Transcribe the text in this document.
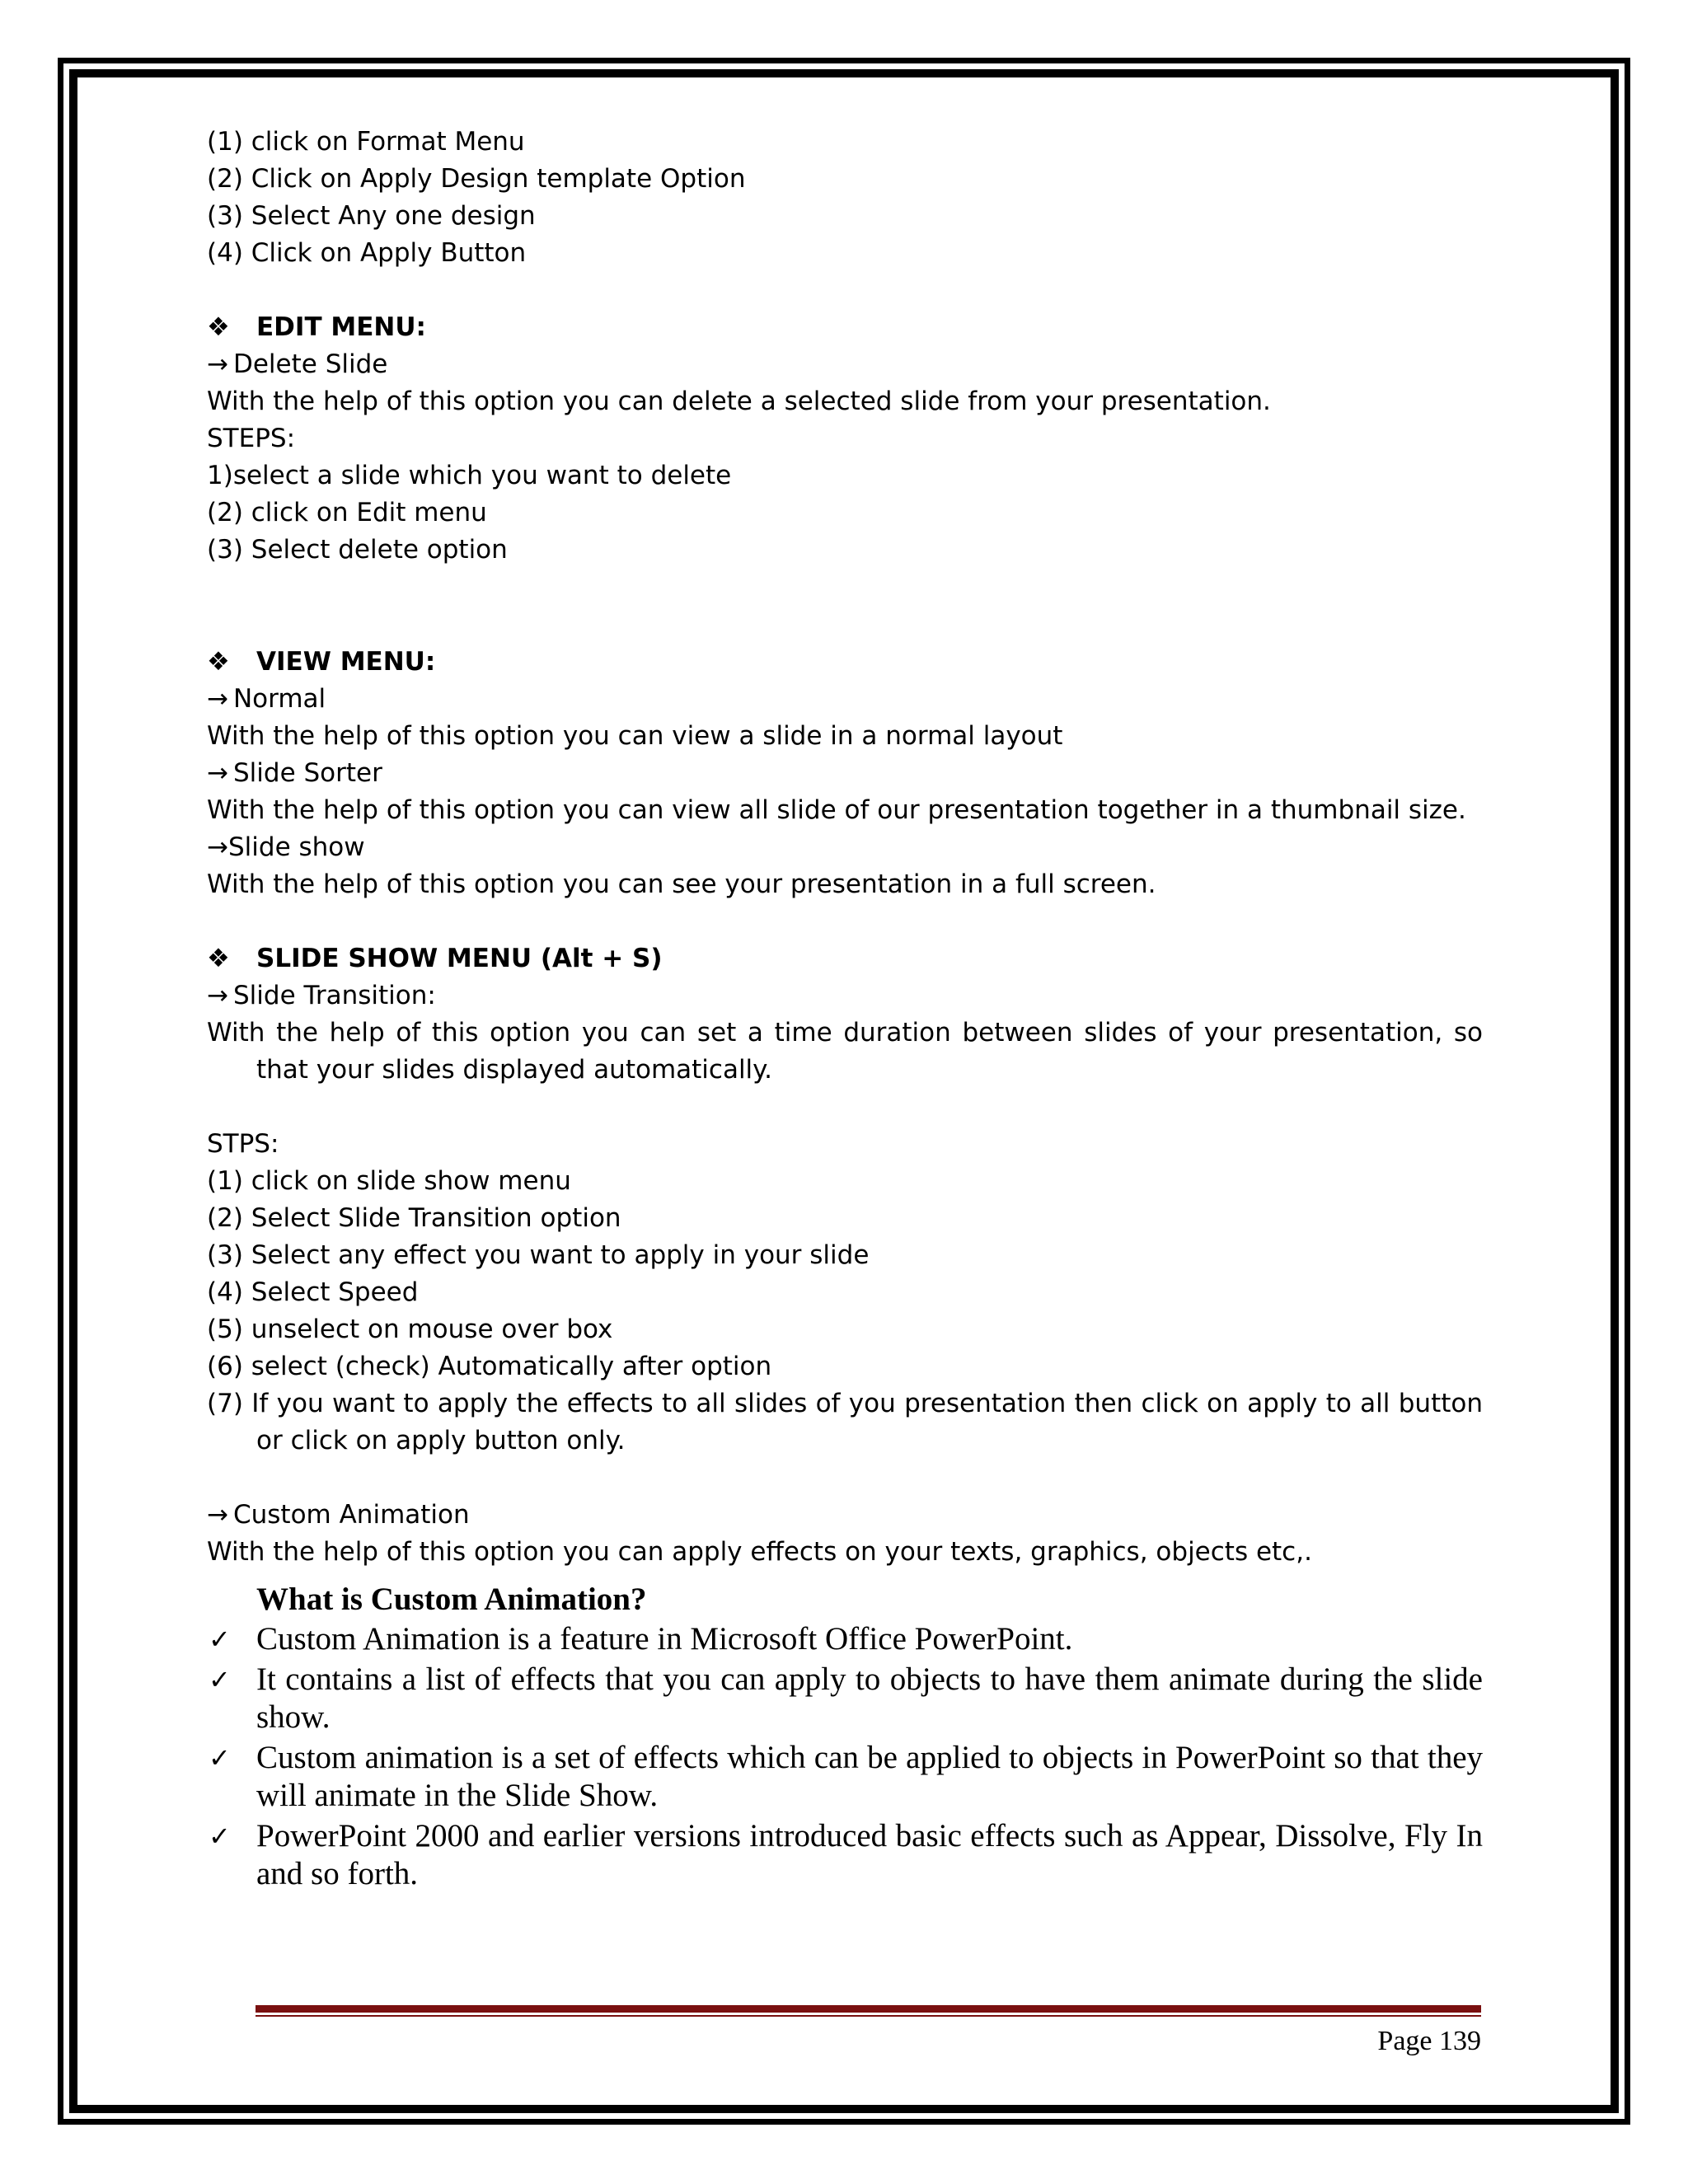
(1) click on Format Menu
(2) Click on Apply Design template Option
(3) Select Any one design
(4) Click on Apply Button
❖ EDIT MENU:
→ Delete Slide
With the help of this option you can delete a selected slide from your presentation.
STEPS:
1)select a slide which you want to delete
(2) click on Edit menu
(3) Select delete option
❖ VIEW MENU:
→ Normal
With the help of this option you can view a slide in a normal layout
→ Slide Sorter
With the help of this option you can view all slide of our presentation together in a thumbnail size.
→Slide show
With the help of this option you can see your presentation in a full screen.
❖ SLIDE SHOW MENU (Alt + S)
→ Slide Transition:
With the help of this option you can set a time duration between slides of your presentation, so that your slides displayed automatically.
STPS:
(1) click on slide show menu
(2) Select Slide Transition option
(3) Select any effect you want to apply in your slide
(4) Select Speed
(5) unselect on mouse over box
(6) select (check) Automatically after option
(7) If you want to apply the effects to all slides of you presentation then click on apply to all button or click on apply button only.
→ Custom Animation
With the help of this option you can apply effects on your texts, graphics, objects etc,.
What is Custom Animation?
✓ Custom Animation is a feature in Microsoft Office PowerPoint.
✓ It contains a list of effects that you can apply to objects to have them animate during the slide show.
✓ Custom animation is a set of effects which can be applied to objects in PowerPoint so that they will animate in the Slide Show.
✓ PowerPoint 2000 and earlier versions introduced basic effects such as Appear, Dissolve, Fly In and so forth.
Page 139
